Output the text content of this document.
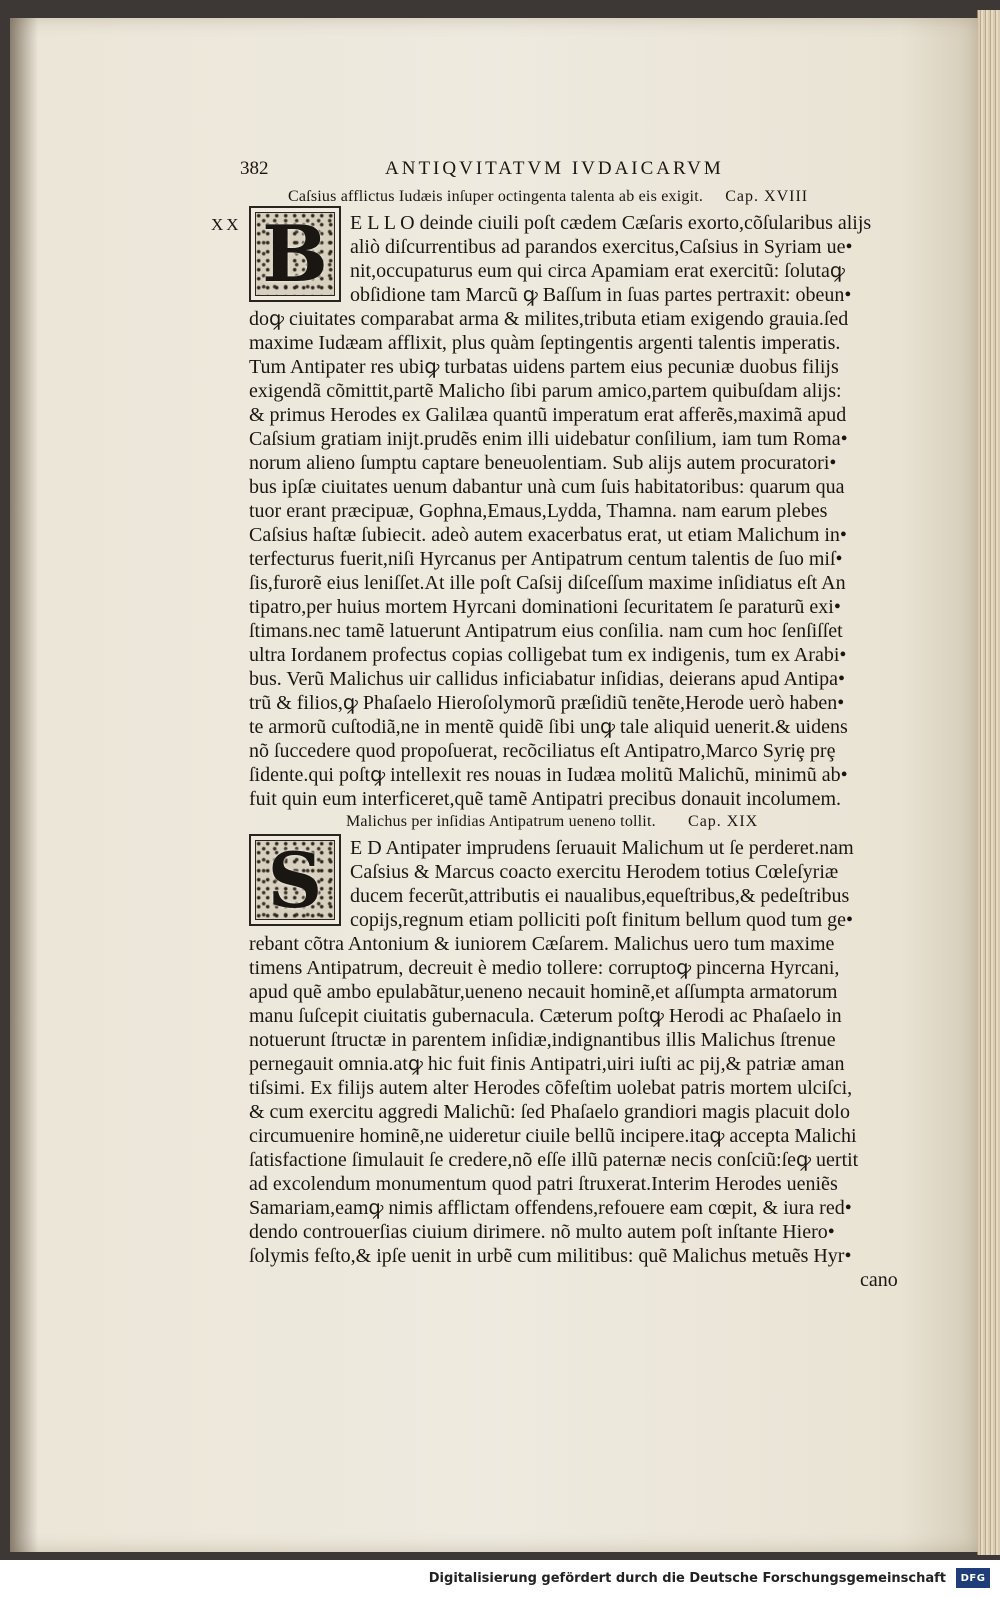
382	ANTIQVITATVM IVDAICARVM
Caſsius afflictus Iudæis inſuper octingenta talenta ab eis exigit. Cap. XVIII
XX B	E L L O deinde ciuili poſt cædem Cæſaris exorto,cõſularibus alijs
aliò diſcurrentibus ad parandos exercitus,Caſsius in Syriam ue•
nit,occupaturus eum qui circa Apamiam erat exercitũ: ſolutaꝙ
obſidione tam Marcũ ꝙ Baſſum in ſuas partes pertraxit: obeun•
doꝙ ciuitates comparabat arma & milites,tributa etiam exigendo grauia.ſed
maxime Iudæam afflixit, plus quàm ſeptingentis argenti talentis imperatis.
Tum Antipater res ubiꝙ turbatas uidens partem eius pecuniæ duobus filijs
exigendã cõmittit,partẽ Malicho ſibi parum amico,partem quibuſdam alijs:
& primus Herodes ex Galilæa quantũ imperatum erat afferẽs,maximã apud
Caſsium gratiam inijt.prudẽs enim illi uidebatur conſilium, iam tum Roma•
norum alieno ſumptu captare beneuolentiam. Sub alijs autem procuratori•
bus ipſæ ciuitates uenum dabantur unà cum ſuis habitatoribus: quarum qua
tuor erant præcipuæ, Gophna,Emaus,Lydda, Thamna. nam earum plebes
Caſsius haſtæ ſubiecit. adeò autem exacerbatus erat, ut etiam Malichum in•
terfecturus fuerit,niſi Hyrcanus per Antipatrum centum talentis de ſuo miſ•
ſis,furorẽ eius leniſſet.At ille poſt Caſsij diſceſſum maxime inſidiatus eſt An
tipatro,per huius mortem Hyrcani dominationi ſecuritatem ſe paraturũ exi•
ſtimans.nec tamẽ latuerunt Antipatrum eius conſilia. nam cum hoc ſenſiſſet
ultra Iordanem profectus copias colligebat tum ex indigenis, tum ex Arabi•
bus. Verũ Malichus uir callidus inficiabatur inſidias, deierans apud Antipa•
trũ & filios,ꝙ Phaſaelo Hieroſolymorũ præſidiũ tenẽte,Herode uerò haben•
te armorũ cuſtodiã,ne in mentẽ quidẽ ſibi unꝙ tale aliquid uenerit.& uidens
nõ ſuccedere quod propoſuerat, recõciliatus eſt Antipatro,Marco Syriȩ prȩ
ſidente.qui poſtꝙ intellexit res nouas in Iudæa molitũ Malichũ, minimũ ab•
fuit quin eum interficeret,quẽ tamẽ Antipatri precibus donauit incolumem.
Malichus per inſidias Antipatrum ueneno tollit. Cap. XIX
S	E D Antipater imprudens ſeruauit Malichum ut ſe perderet.nam
Caſsius & Marcus coacto exercitu Herodem totius Cœleſyriæ
ducem fecerũt,attributis ei naualibus,equeſtribus,& pedeſtribus
copijs,regnum etiam polliciti poſt finitum bellum quod tum ge•
rebant cõtra Antonium & iuniorem Cæſarem. Malichus uero tum maxime
timens Antipatrum, decreuit è medio tollere: corruptoꝙ pincerna Hyrcani,
apud quẽ ambo epulabãtur,ueneno necauit hominẽ,et aſſumpta armatorum
manu ſuſcepit ciuitatis gubernacula. Cæterum poſtꝙ Herodi ac Phaſaelo in
notuerunt ſtructæ in parentem inſidiæ,indignantibus illis Malichus ſtrenue
pernegauit omnia.atꝙ hic fuit finis Antipatri,uiri iuſti ac pij,& patriæ aman
tiſsimi. Ex filijs autem alter Herodes cõfeſtim uolebat patris mortem ulciſci,
& cum exercitu aggredi Malichũ: ſed Phaſaelo grandiori magis placuit dolo
circumuenire hominẽ,ne uideretur ciuile bellũ incipere.itaꝙ accepta Malichi
ſatisfactione ſimulauit ſe credere,nõ eſſe illũ paternæ necis conſciũ:ſeꝙ uertit
ad excolendum monumentum quod patri ſtruxerat.Interim Herodes ueniẽs
Samariam,eamꝙ nimis afflictam offendens,refouere eam cœpit, & iura red•
dendo controuerſias ciuium dirimere. nõ multo autem poſt inſtante Hiero•
ſolymis feſto,& ipſe uenit in urbẽ cum militibus: quẽ Malichus metuẽs Hyr•
cano
Digitalisierung gefördert durch die Deutsche Forschungsgemeinschaft	DFG
